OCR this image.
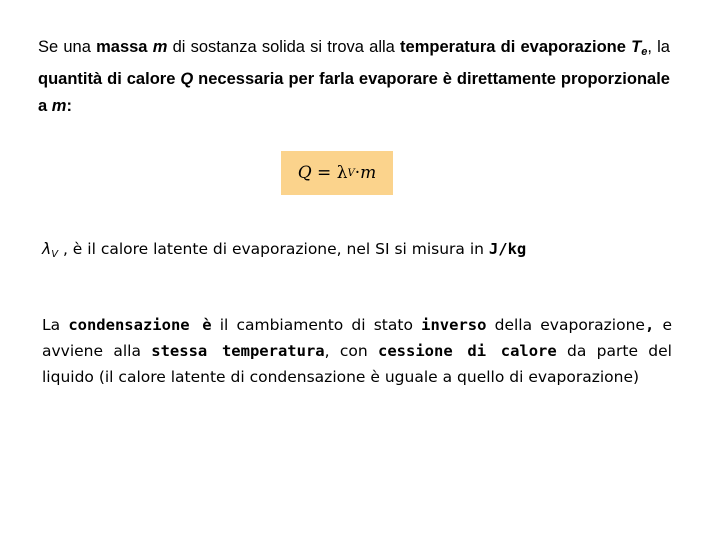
Se una massa m di sostanza solida si trova alla temperatura di evaporazione $T_e$, la quantità di calore Q necessaria per farla evaporare è direttamente proporzionale a m:

Q = λ V · m

λV , è il calore latente di evaporazione, nel SI si misura in J/kg

La condensazione è il cambiamento di stato inverso della evaporazione, e avviene alla stessa temperatura, con cessione di calore da parte del liquido (il calore latente di condensazione è uguale a quello di evaporazione)
